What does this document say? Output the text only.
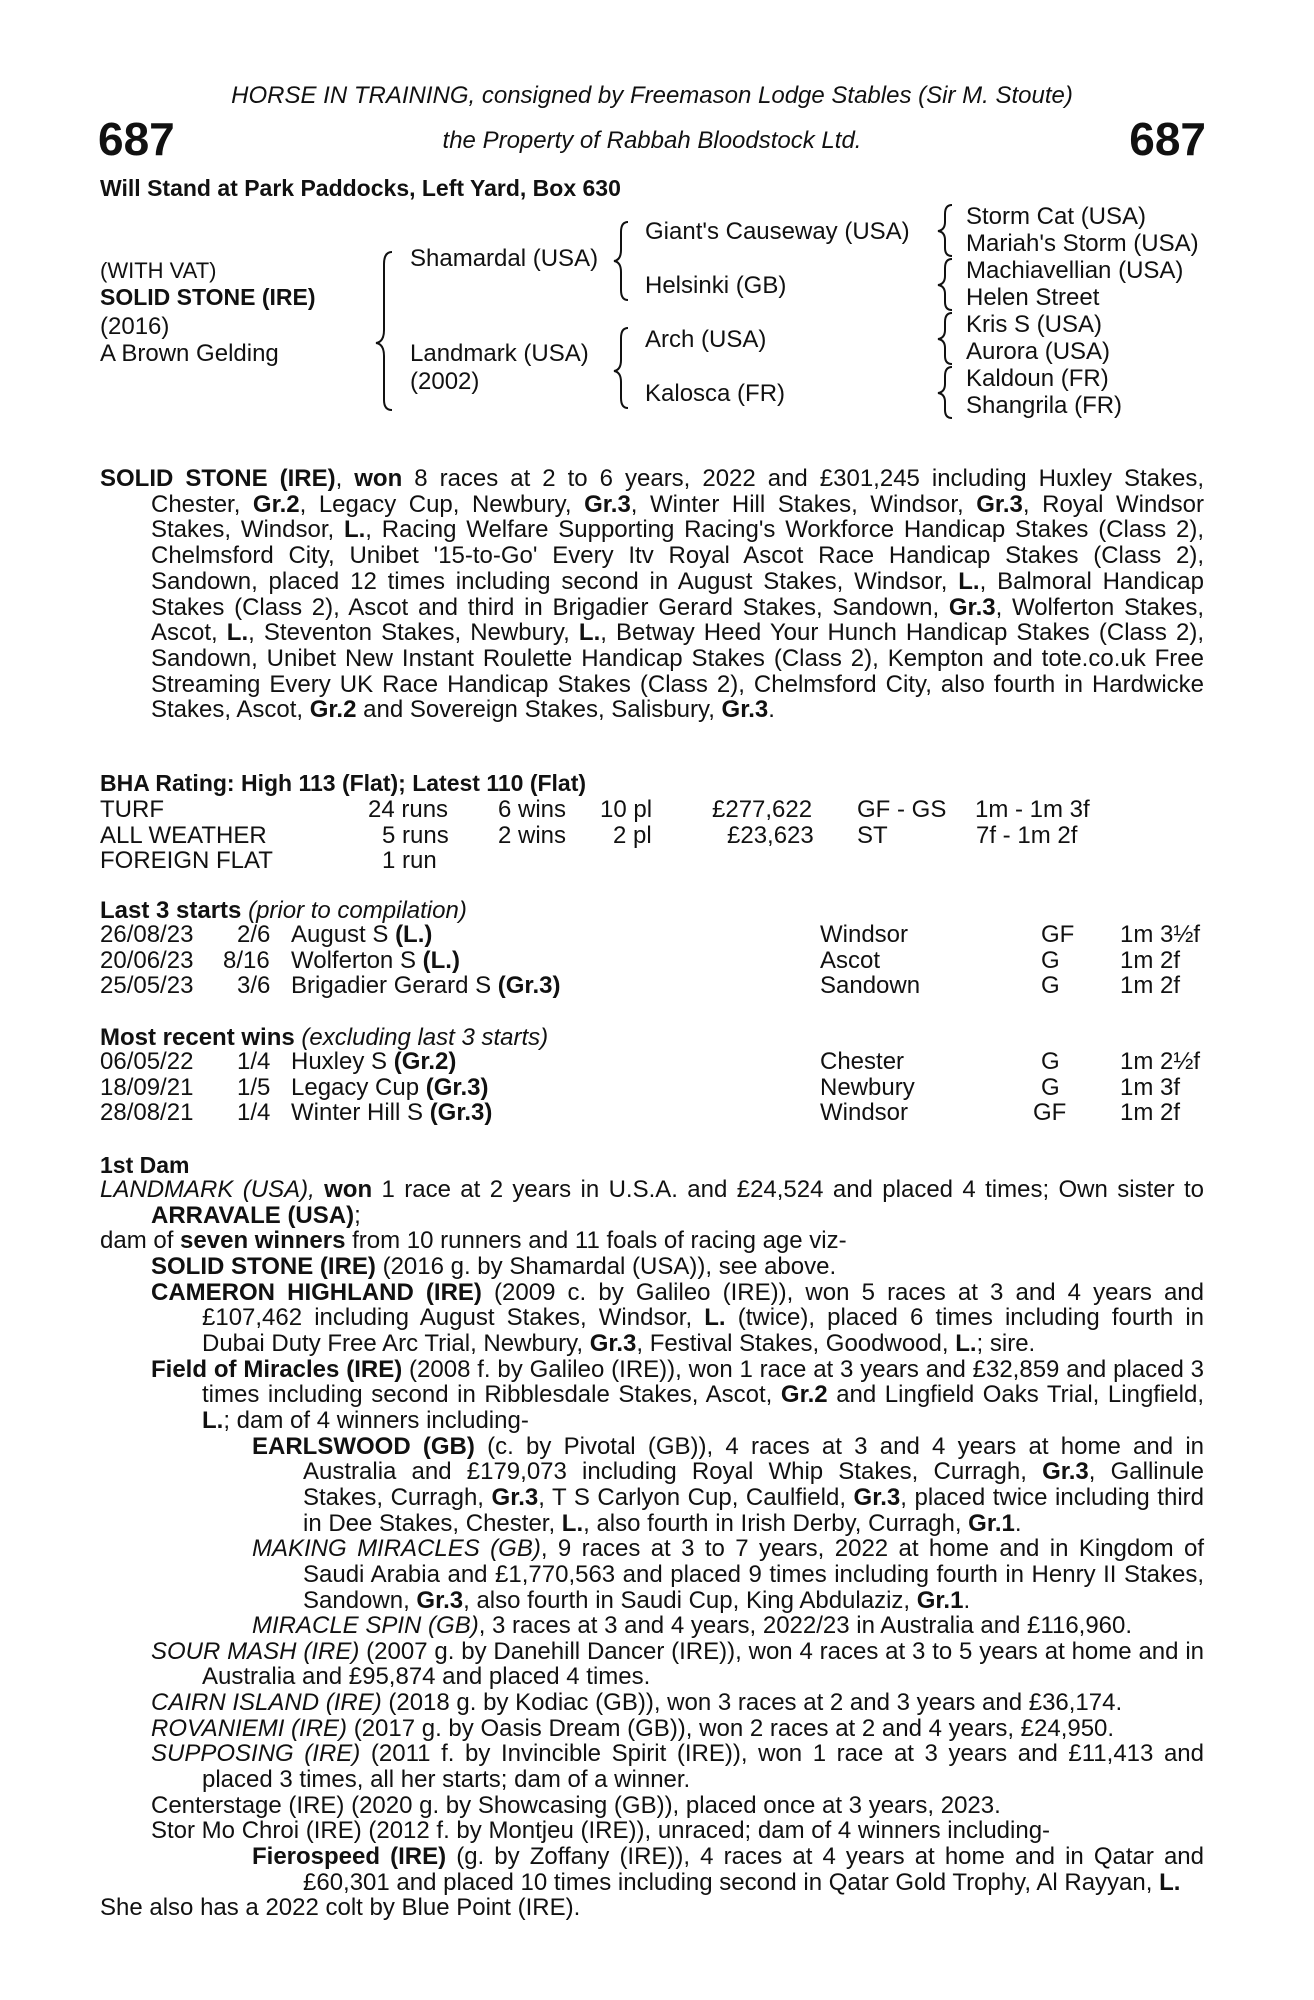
HORSE IN TRAINING, consigned by Freemason Lodge Stables (Sir M. Stoute)
the Property of Rabbah Bloodstock Ltd.
687	687
Will Stand at Park Paddocks, Left Yard, Box 630
(WITH VAT)
SOLID STONE (IRE)
(2016)
A Brown Gelding
Shamardal (USA)
Landmark (USA)
(2002)
Giant's Causeway (USA)
Helsinki (GB)
Arch (USA)
Kalosca (FR)
Storm Cat (USA)
Mariah's Storm (USA)
Machiavellian (USA)
Helen Street
Kris S (USA)
Aurora (USA)
Kaldoun (FR)
Shangrila (FR)
SOLID STONE (IRE), won 8 races at 2 to 6 years, 2022 and £301,245 including Huxley Stakes, Chester, Gr.2, Legacy Cup, Newbury, Gr.3, Winter Hill Stakes, Windsor, Gr.3, Royal Windsor Stakes, Windsor, L., Racing Welfare Supporting Racing's Workforce Handicap Stakes (Class 2), Chelmsford City, Unibet '15-to-Go' Every Itv Royal Ascot Race Handicap Stakes (Class 2), Sandown, placed 12 times including second in August Stakes, Windsor, L., Balmoral Handicap Stakes (Class 2), Ascot and third in Brigadier Gerard Stakes, Sandown, Gr.3, Wolferton Stakes, Ascot, L., Steventon Stakes, Newbury, L., Betway Heed Your Hunch Handicap Stakes (Class 2), Sandown, Unibet New Instant Roulette Handicap Stakes (Class 2), Kempton and tote.co.uk Free Streaming Every UK Race Handicap Stakes (Class 2), Chelmsford City, also fourth in Hardwicke Stakes, Ascot, Gr.2 and Sovereign Stakes, Salisbury, Gr.3.
BHA Rating: High 113 (Flat); Latest 110 (Flat)
TURF	24 runs 6 wins 10 pl £277,622 GF - GS 1m - 1m 3f
ALL WEATHER	5 runs 2 wins 2 pl	£23,623 ST	7f - 1m 2f
FOREIGN FLAT	1 run
Last 3 starts (prior to compilation)
26/08/23 2/6 August S (L.)	Windsor	GF 1m 3½f
20/06/23 8/16 Wolferton S (L.)	Ascot	G	1m 2f
25/05/23 3/6 Brigadier Gerard S (Gr.3)	Sandown	G	1m 2f
Most recent wins (excluding last 3 starts)
06/05/22 1/4 Huxley S (Gr.2)	Chester	G	1m 2½f
18/09/21 1/5 Legacy Cup (Gr.3)	Newbury	G	1m 3f
28/08/21 1/4 Winter Hill S (Gr.3)	Windsor	GF 1m 2f
1st Dam
LANDMARK (USA), won 1 race at 2 years in U.S.A. and £24,524 and placed 4 times; Own sister to ARRAVALE (USA);
dam of seven winners from 10 runners and 11 foals of racing age viz-
SOLID STONE (IRE) (2016 g. by Shamardal (USA)), see above.
CAMERON HIGHLAND (IRE) (2009 c. by Galileo (IRE)), won 5 races at 3 and 4 years and £107,462 including August Stakes, Windsor, L. (twice), placed 6 times including fourth in Dubai Duty Free Arc Trial, Newbury, Gr.3, Festival Stakes, Goodwood, L.; sire.
Field of Miracles (IRE) (2008 f. by Galileo (IRE)), won 1 race at 3 years and £32,859 and placed 3 times including second in Ribblesdale Stakes, Ascot, Gr.2 and Lingfield Oaks Trial, Lingfield, L.; dam of 4 winners including-
EARLSWOOD (GB) (c. by Pivotal (GB)), 4 races at 3 and 4 years at home and in Australia and £179,073 including Royal Whip Stakes, Curragh, Gr.3, Gallinule Stakes, Curragh, Gr.3, T S Carlyon Cup, Caulfield, Gr.3, placed twice including third in Dee Stakes, Chester, L., also fourth in Irish Derby, Curragh, Gr.1.
MAKING MIRACLES (GB), 9 races at 3 to 7 years, 2022 at home and in Kingdom of Saudi Arabia and £1,770,563 and placed 9 times including fourth in Henry II Stakes, Sandown, Gr.3, also fourth in Saudi Cup, King Abdulaziz, Gr.1.
MIRACLE SPIN (GB), 3 races at 3 and 4 years, 2022/23 in Australia and £116,960.
SOUR MASH (IRE) (2007 g. by Danehill Dancer (IRE)), won 4 races at 3 to 5 years at home and in Australia and £95,874 and placed 4 times.
CAIRN ISLAND (IRE) (2018 g. by Kodiac (GB)), won 3 races at 2 and 3 years and £36,174.
ROVANIEMI (IRE) (2017 g. by Oasis Dream (GB)), won 2 races at 2 and 4 years, £24,950.
SUPPOSING (IRE) (2011 f. by Invincible Spirit (IRE)), won 1 race at 3 years and £11,413 and placed 3 times, all her starts; dam of a winner.
Centerstage (IRE) (2020 g. by Showcasing (GB)), placed once at 3 years, 2023.
Stor Mo Chroi (IRE) (2012 f. by Montjeu (IRE)), unraced; dam of 4 winners including-
Fierospeed (IRE) (g. by Zoffany (IRE)), 4 races at 4 years at home and in Qatar and £60,301 and placed 10 times including second in Qatar Gold Trophy, Al Rayyan, L.
She also has a 2022 colt by Blue Point (IRE).
